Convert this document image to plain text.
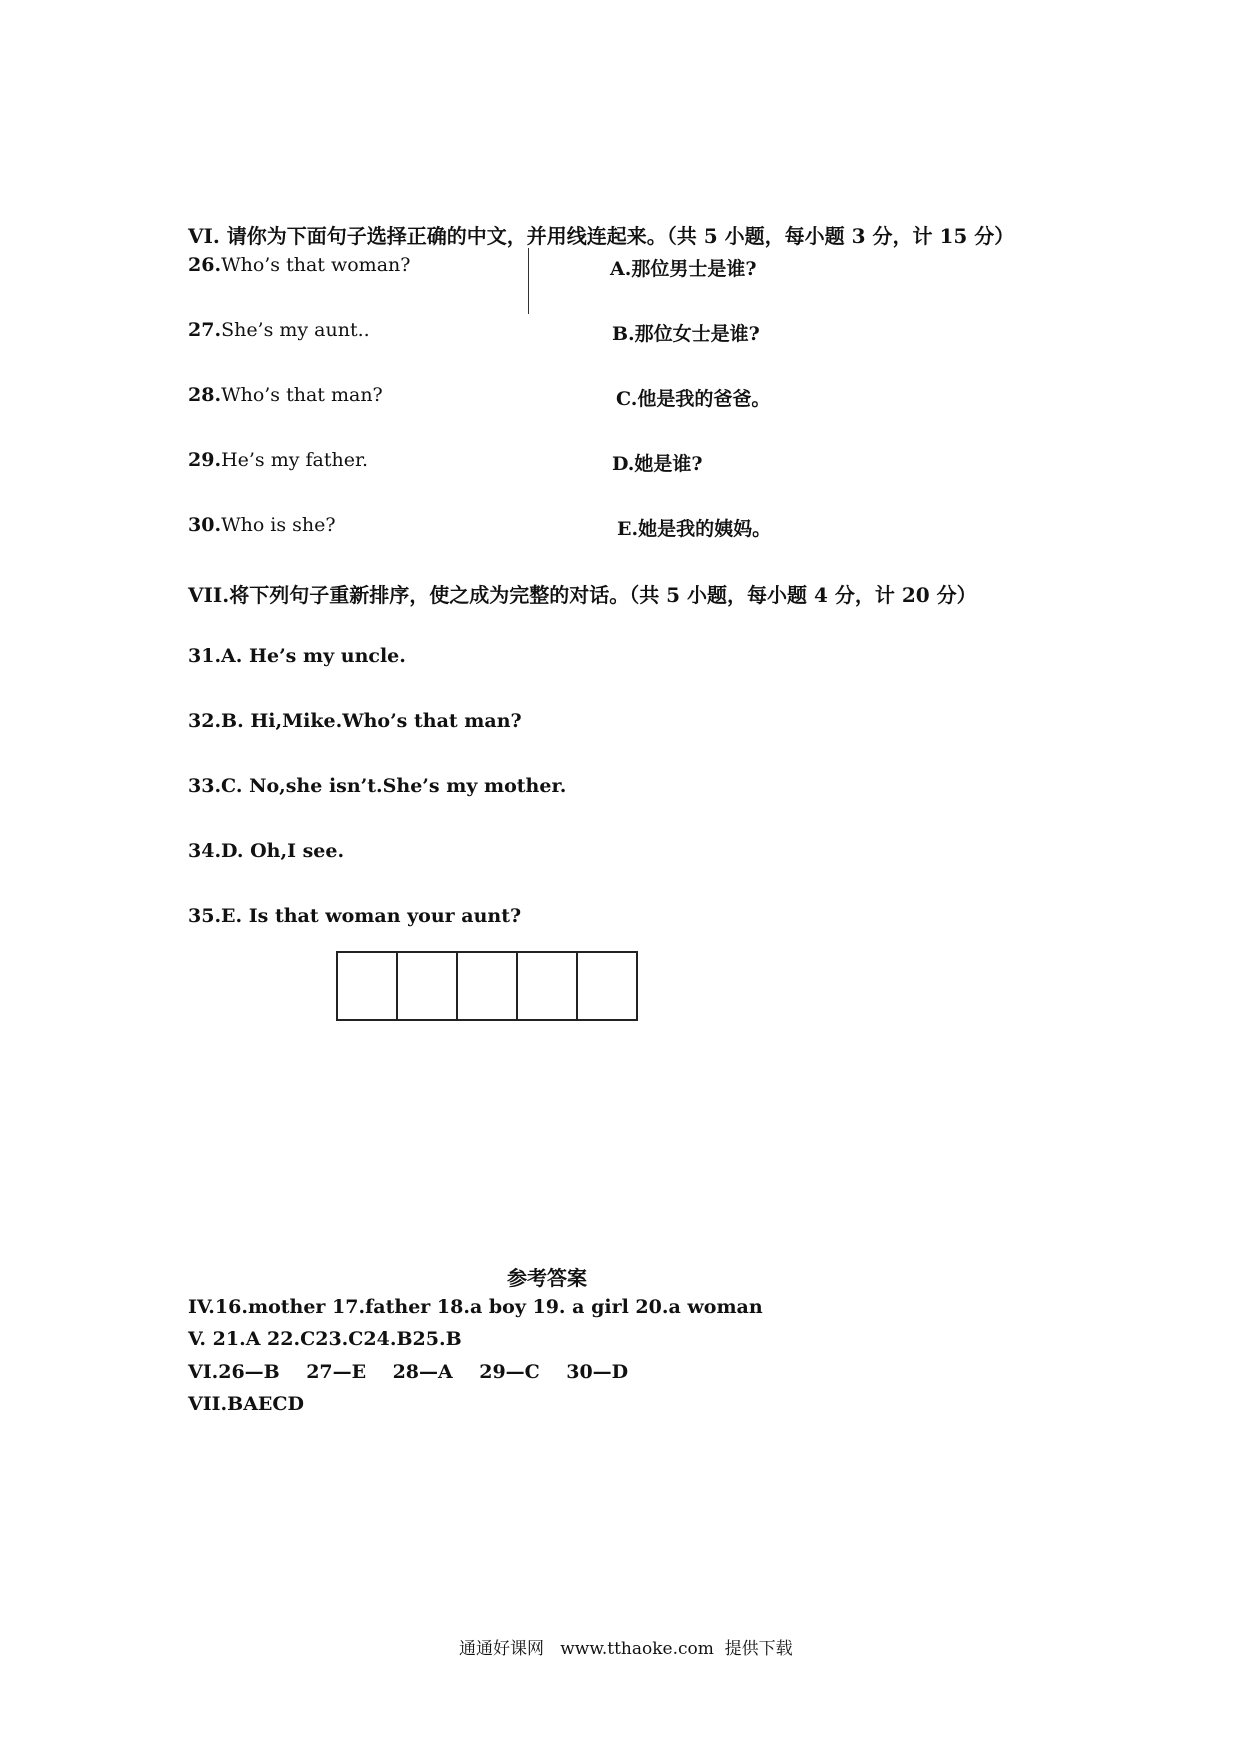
VI. 请你为下面句子选择正确的中文，并用线连起来。（共 5 小题，每小题 3 分，计 15 分）
26.Who’s that woman?
27.She’s my aunt..
28.Who’s that man?
29.He’s my father.
30.Who is she?
A.那位男士是谁?
B.那位女士是谁?
C.他是我的爸爸。
D.她是谁?
E.她是我的姨妈。
VII.将下列句子重新排序，使之成为完整的对话。（共 5 小题，每小题 4 分，计 20 分）
31.A. He’s my uncle.
32.B. Hi,Mike.Who’s that man?
33.C. No,she isn’t.She’s my mother.
34.D. Oh,I see.
35.E. Is that woman your aunt?
参考答案
IV.16.mother 17.father 18.a boy 19. a girl 20.a woman
V. 21.A 22.C23.C24.B25.B
VI.26—B    27—E    28—A    29—C    30—D
VII.BAECD
通通好课网   www.tthaoke.com  提供下载
